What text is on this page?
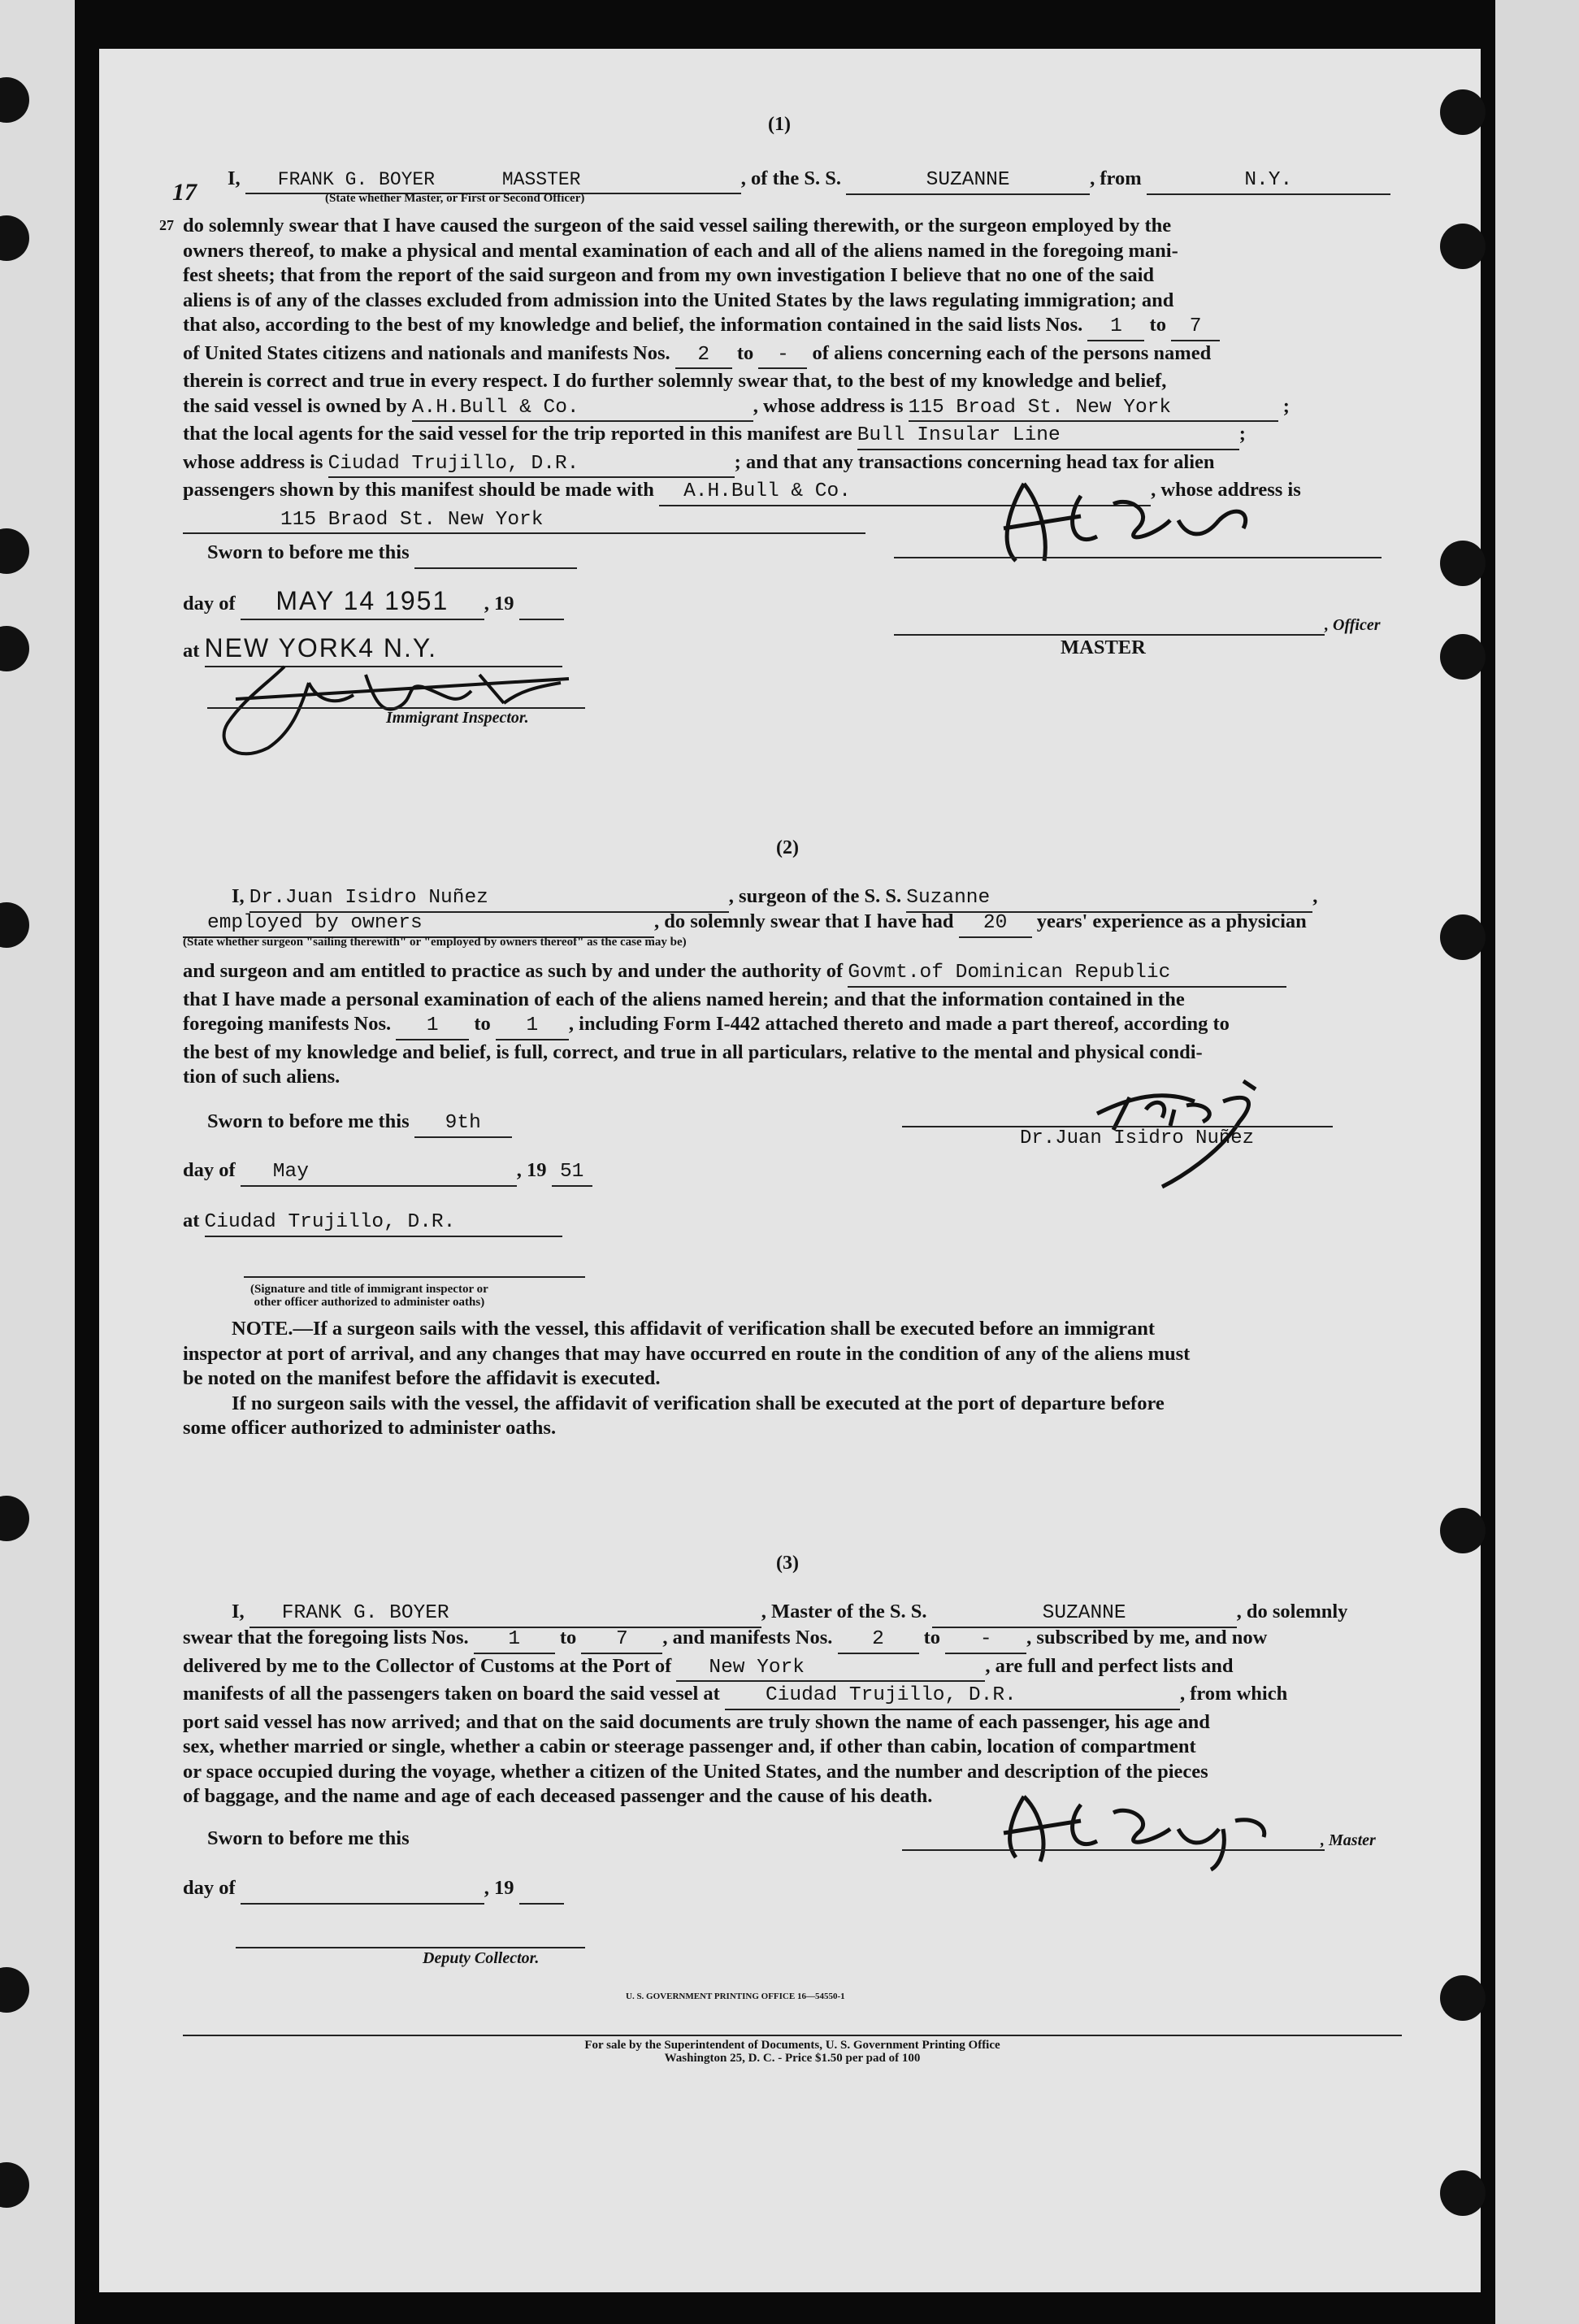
(1)
17
27
I, FRANK G. BOYER	MASSTER	, of the S. S.	SUZANNE	, from	N.Y.
(State whether Master, or First or Second Officer)
do solemnly swear that I have caused the surgeon of the said vessel sailing therewith, or the surgeon employed by the
owners thereof, to make a physical and mental examination of each and all of the aliens named in the foregoing mani-
fest sheets; that from the report of the said surgeon and from my own investigation I believe that no one of the said
aliens is of any of the classes excluded from admission into the United States by the laws regulating immigration; and
that also, according to the best of my knowledge and belief, the information contained in the said lists Nos. 1 to 7
of United States citizens and nationals and manifests Nos. 2 to - of aliens concerning each of the persons named
therein is correct and true in every respect. I do further solemnly swear that, to the best of my knowledge and belief,
the said vessel is owned by A.H.Bull & Co.	, whose address is 115 Broad St. New York	;
that the local agents for the said vessel for the trip reported in this manifest are Bull Insular Line	;
whose address is Ciudad Trujillo, D.R.	; and that any transactions concerning head tax for alien
passengers shown by this manifest should be made with A.H.Bull & Co.	, whose address is
115 Braod St. New York
Sworn to before me this
day of MAY 14 1951 , 19
at NEW YORK4 N.Y.
Immigrant Inspector.
, Officer
MASTER
(2)
I, Dr.Juan Isidro Nuñez	, surgeon of the S. S. Suzanne	,
employed by owners	, do solemnly swear that I have had 20 years' experience as a physician
(State whether surgeon "sailing therewith" or "employed by owners thereof" as the case may be)
and surgeon and am entitled to practice as such by and under the authority of Govmt.of Dominican Republic
that I have made a personal examination of each of the aliens named herein; and that the information contained in the
foregoing manifests Nos. 1 to 1 , including Form I-442 attached thereto and made a part thereof, according to
the best of my knowledge and belief, is full, correct, and true in all particulars, relative to the mental and physical condi-
tion of such aliens.
Sworn to before me this 9th
day of May	, 19 51
at Ciudad Trujillo, D.R.
Dr.Juan Isidro Nuñez
(Signature and title of immigrant inspector or
other officer authorized to administer oaths)
NOTE.—If a surgeon sails with the vessel, this affidavit of verification shall be executed before an immigrant
inspector at port of arrival, and any changes that may have occurred en route in the condition of any of the aliens must
be noted on the manifest before the affidavit is executed.
If no surgeon sails with the vessel, the affidavit of verification shall be executed at the port of departure before
some officer authorized to administer oaths.
(3)
I, FRANK G. BOYER	, Master of the S. S.	SUZANNE	, do solemnly
swear that the foregoing lists Nos. 1 to 7 , and manifests Nos. 2 to - , subscribed by me, and now
delivered by me to the Collector of Customs at the Port of New York	, are full and perfect lists and
manifests of all the passengers taken on board the said vessel at Ciudad Trujillo, D.R.	, from which
port said vessel has now arrived; and that on the said documents are truly shown the name of each passenger, his age and
sex, whether married or single, whether a cabin or steerage passenger and, if other than cabin, location of compartment
or space occupied during the voyage, whether a citizen of the United States, and the number and description of the pieces
of baggage, and the name and age of each deceased passenger and the cause of his death.
Sworn to before me this	, Master
day of	, 19
Deputy Collector.
U. S. GOVERNMENT PRINTING OFFICE 16—54550-1
For sale by the Superintendent of Documents, U. S. Government Printing Office
Washington 25, D. C. - Price $1.50 per pad of 100
